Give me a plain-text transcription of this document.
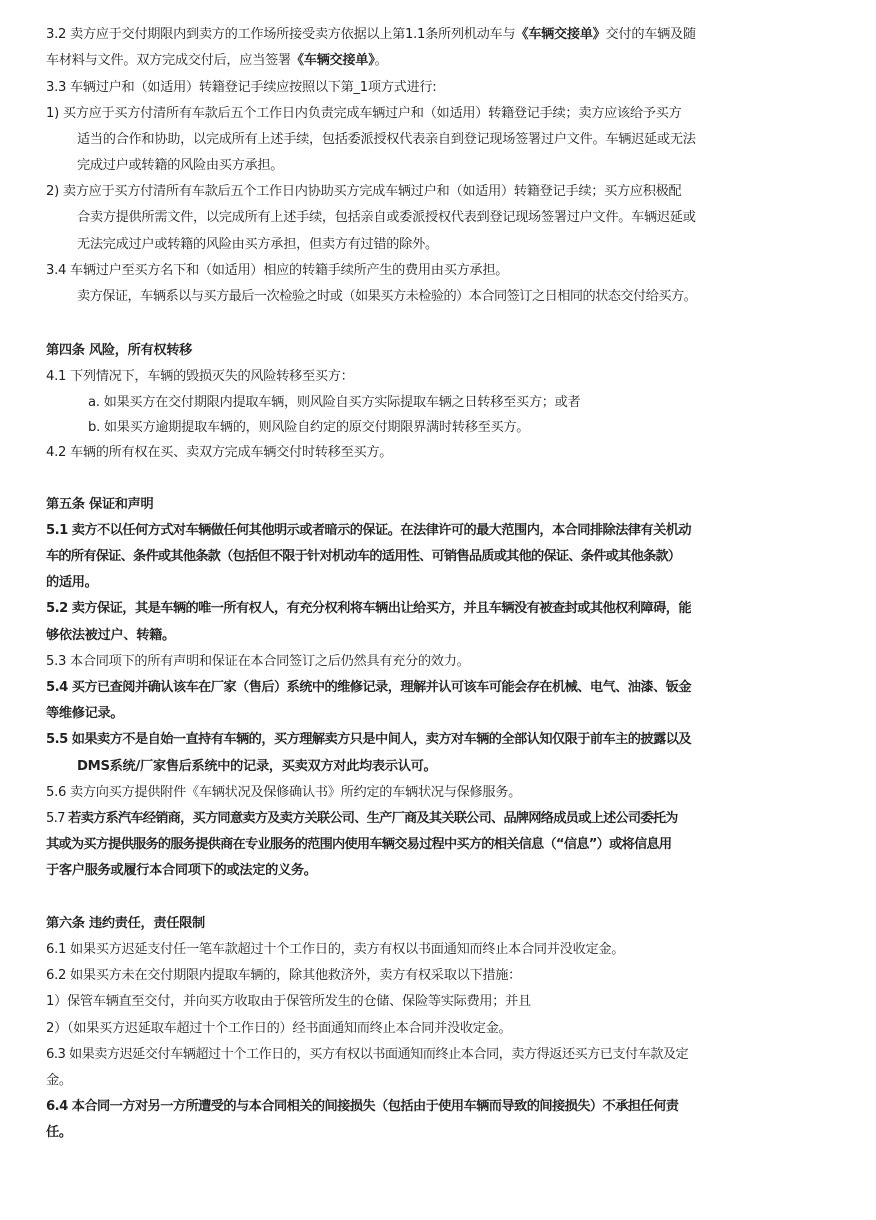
3.2 卖方应于交付期限内到卖方的工作场所接受卖方依据以上第1.1条所列机动车与《车辆交接单》交付的车辆及随
车材料与文件。双方完成交付后，应当签署《车辆交接单》。
3.3 车辆过户和（如适用）转籍登记手续应按照以下第_1项方式进行:
1) 买方应于买方付清所有车款后五个工作日内负责完成车辆过户和（如适用）转籍登记手续；卖方应该给予买方
适当的合作和协助，以完成所有上述手续，包括委派授权代表亲自到登记现场签署过户文件。车辆迟延或无法
完成过户或转籍的风险由买方承担。
2) 卖方应于买方付清所有车款后五个工作日内协助买方完成车辆过户和（如适用）转籍登记手续；买方应积极配
合卖方提供所需文件，以完成所有上述手续，包括亲自或委派授权代表到登记现场签署过户文件。车辆迟延或
无法完成过户或转籍的风险由买方承担，但卖方有过错的除外。
3.4 车辆过户至买方名下和（如适用）相应的转籍手续所产生的费用由买方承担。
卖方保证，车辆系以与买方最后一次检验之时或（如果买方未检验的）本合同签订之日相同的状态交付给买方。
第四条 风险，所有权转移
4.1 下列情况下，车辆的毁损灭失的风险转移至买方：
a. 如果买方在交付期限内提取车辆，则风险自买方实际提取车辆之日转移至买方；或者
b. 如果买方逾期提取车辆的，则风险自约定的原交付期限界满时转移至买方。
4.2 车辆的所有权在买、卖双方完成车辆交付时转移至买方。
第五条 保证和声明
5.1 卖方不以任何方式对车辆做任何其他明示或者暗示的保证。在法律许可的最大范围内，本合同排除法律有关机动
车的所有保证、条件或其他条款（包括但不限于针对机动车的适用性、可销售品质或其他的保证、条件或其他条款）
的适用。
5.2 卖方保证，其是车辆的唯一所有权人，有充分权利将车辆出让给买方，并且车辆没有被查封或其他权利障碍，能
够依法被过户、转籍。
5.3 本合同项下的所有声明和保证在本合同签订之后仍然具有充分的效力。
5.4 买方已查阅并确认该车在厂家（售后）系统中的维修记录，理解并认可该车可能会存在机械、电气、油漆、钣金
等维修记录。
5.5 如果卖方不是自始一直持有车辆的，买方理解卖方只是中间人，卖方对车辆的全部认知仅限于前车主的披露以及
DMS系统/厂家售后系统中的记录，买卖双方对此均表示认可。
5.6 卖方向买方提供附件《车辆状况及保修确认书》所约定的车辆状况与保修服务。
5.7 若卖方系汽车经销商，买方同意卖方及卖方关联公司、生产厂商及其关联公司、品牌网络成员或上述公司委托为
其或为买方提供服务的服务提供商在专业服务的范围内使用车辆交易过程中买方的相关信息（“信息”）或将信息用
于客户服务或履行本合同项下的或法定的义务。
第六条 违约责任，责任限制
6.1 如果买方迟延支付任一笔车款超过十个工作日的，卖方有权以书面通知而终止本合同并没收定金。
6.2 如果买方未在交付期限内提取车辆的，除其他救济外，卖方有权采取以下措施：
1）保管车辆直至交付，并向买方收取由于保管所发生的仓储、保险等实际费用；并且
2）（如果买方迟延取车超过十个工作日的）经书面通知而终止本合同并没收定金。
6.3 如果卖方迟延交付车辆超过十个工作日的，买方有权以书面通知而终止本合同，卖方得返还买方已支付车款及定
金。
6.4 本合同一方对另一方所遭受的与本合同相关的间接损失（包括由于使用车辆而导致的间接损失）不承担任何责
任。
